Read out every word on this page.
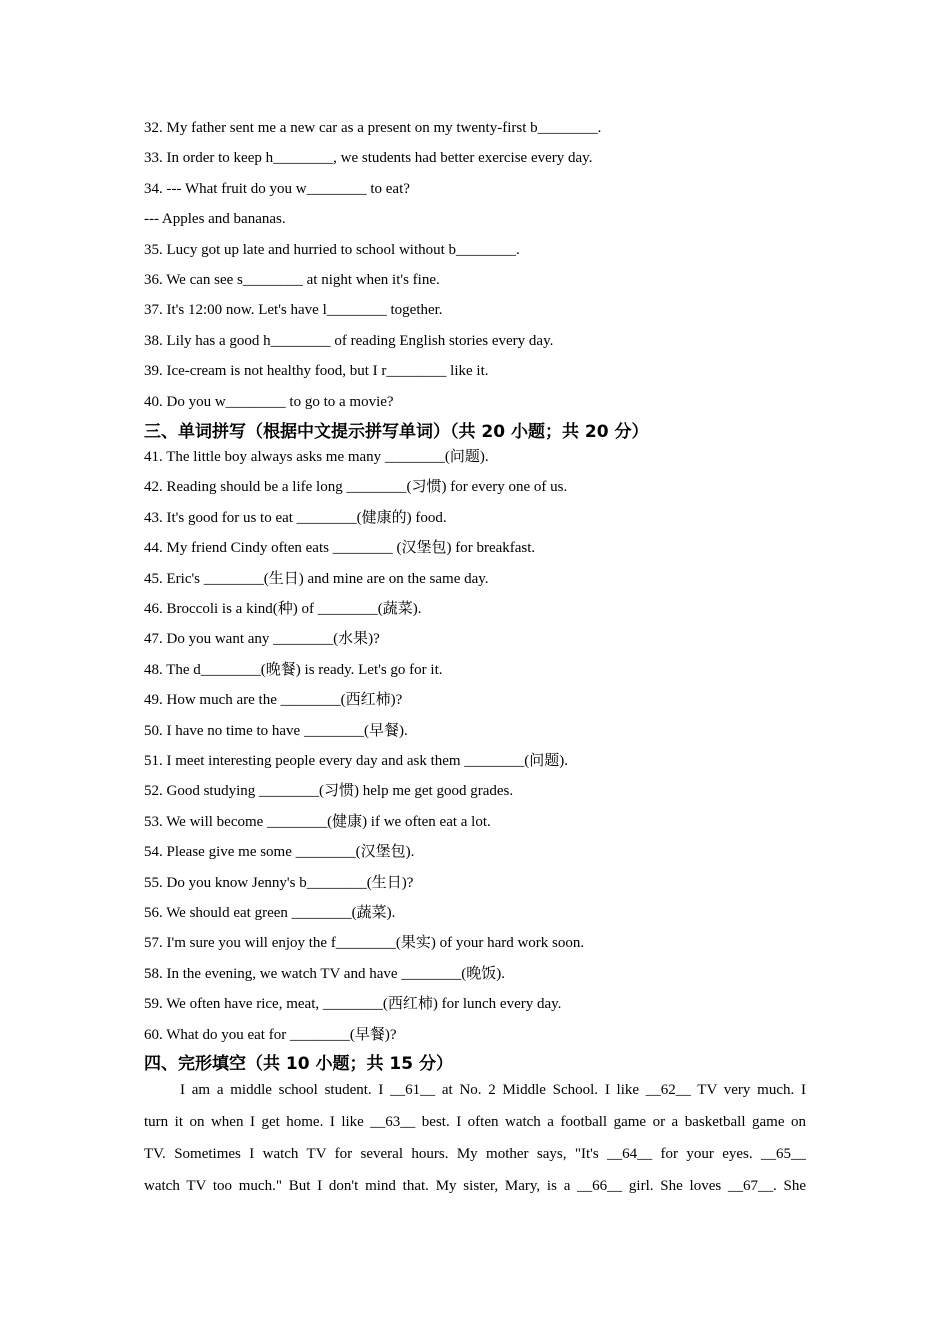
32. My father sent me a new car as a present on my twenty-first b________.
33. In order to keep h________, we students had better exercise every day.
34. --- What fruit do you w________ to eat?
--- Apples and bananas.
35. Lucy got up late and hurried to school without b________.
36. We can see s________ at night when it's fine.
37. It's 12:00 now. Let's have l________ together.
38. Lily has a good h________ of reading English stories every day.
39. Ice-cream is not healthy food, but I r________ like it.
40. Do you w________ to go to a movie?
三、单词拼写（根据中文提示拼写单词）（共 20 小题；共 20 分）
41. The little boy always asks me many ________(问题).
42. Reading should be a life long ________(习惯) for every one of us.
43. It's good for us to eat ________(健康的) food.
44. My friend Cindy often eats ________ (汉堡包) for breakfast.
45. Eric's ________(生日) and mine are on the same day.
46. Broccoli is a kind(种) of ________(蔬菜).
47. Do you want any ________(水果)?
48. The d________(晚餐) is ready. Let's go for it.
49. How much are the ________(西红柿)?
50. I have no time to have ________(早餐).
51. I meet interesting people every day and ask them ________(问题).
52. Good studying ________(习惯) help me get good grades.
53. We will become ________(健康) if we often eat a lot.
54. Please give me some ________(汉堡包).
55. Do you know Jenny's b________(生日)?
56. We should eat green ________(蔬菜).
57. I'm sure you will enjoy the f________(果实) of your hard work soon.
58. In the evening, we watch TV and have ________(晚饭).
59. We often have rice, meat, ________(西红柿) for lunch every day.
60. What do you eat for ________(早餐)?
四、完形填空（共 10 小题；共 15 分）
I am a middle school student. I __61__ at No. 2 Middle School. I like __62__ TV very much. I
turn it on when I get home. I like __63__ best. I often watch a football game or a basketball game on
TV. Sometimes I watch TV for several hours. My mother says, "It's __64__ for your eyes. __65__
watch TV too much." But I don't mind that. My sister, Mary, is a __66__ girl. She loves __67__. She
